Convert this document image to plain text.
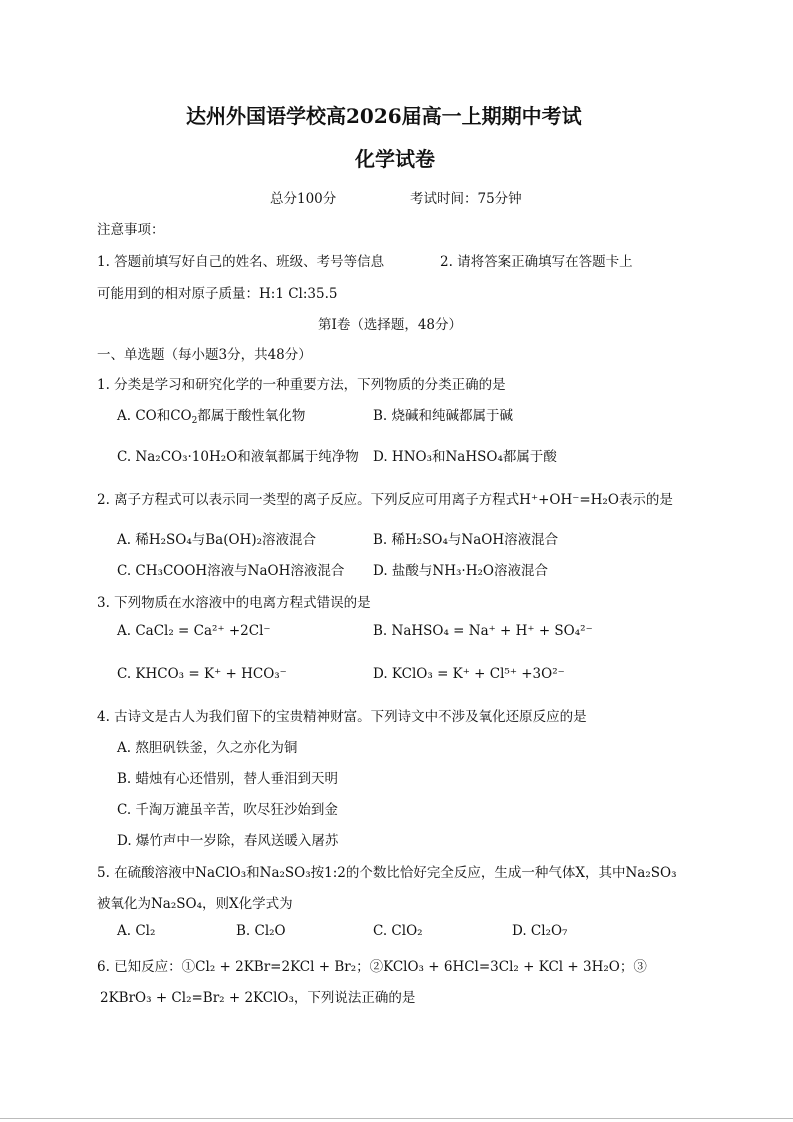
达州外国语学校高2026届高一上期期中考试
化学试卷
总分100分	考试时间：75分钟
注意事项：
1. 答题前填写好自己的姓名、班级、考号等信息	2. 请将答案正确填写在答题卡上
可能用到的相对原子质量：H:1 Cl:35.5
第Ⅰ卷（选择题，48分）
一、单选题（每小题3分，共48分）
1. 分类是学习和研究化学的一种重要方法，下列物质的分类正确的是
A. CO和$CO_2$都属于酸性氧化物	B. 烧碱和纯碱都属于碱
C. Na₂CO₃·10H₂O和液氧都属于纯净物 D. HNO₃和NaHSO₄都属于酸
2. 离子方程式可以表示同一类型的离子反应。下列反应可用离子方程式H⁺+OH⁻=H₂O表示的是
A. 稀H₂SO₄与Ba(OH)₂溶液混合	B. 稀H₂SO₄与NaOH溶液混合
C. CH₃COOH溶液与NaOH溶液混合 D. 盐酸与NH₃·H₂O溶液混合
3. 下列物质在水溶液中的电离方程式错误的是
A. CaCl₂ = Ca²⁺ +2Cl⁻	B. NaHSO₄ = Na⁺ + H⁺ + SO₄²⁻
C. KHCO₃ = K⁺ + HCO₃⁻	D. KClO₃ = K⁺ + Cl⁵⁺ +3O²⁻
4. 古诗文是古人为我们留下的宝贵精神财富。下列诗文中不涉及氧化还原反应的是
A. 熬胆矾铁釜，久之亦化为铜
B. 蜡烛有心还惜别，替人垂泪到天明
C. 千淘万漉虽辛苦，吹尽狂沙始到金
D. 爆竹声中一岁除，春风送暖入屠苏
5. 在硫酸溶液中NaClO₃和Na₂SO₃按1:2的个数比恰好完全反应，生成一种气体X，其中Na₂SO₃
被氧化为Na₂SO₄，则X化学式为
A. Cl₂	B. Cl₂O	C. ClO₂	D. Cl₂O₇
6. 已知反应：①Cl₂ + 2KBr=2KCl + Br₂；②KClO₃ + 6HCl=3Cl₂ + KCl + 3H₂O；③
2KBrO₃ + Cl₂=Br₂ + 2KClO₃，下列说法正确的是
